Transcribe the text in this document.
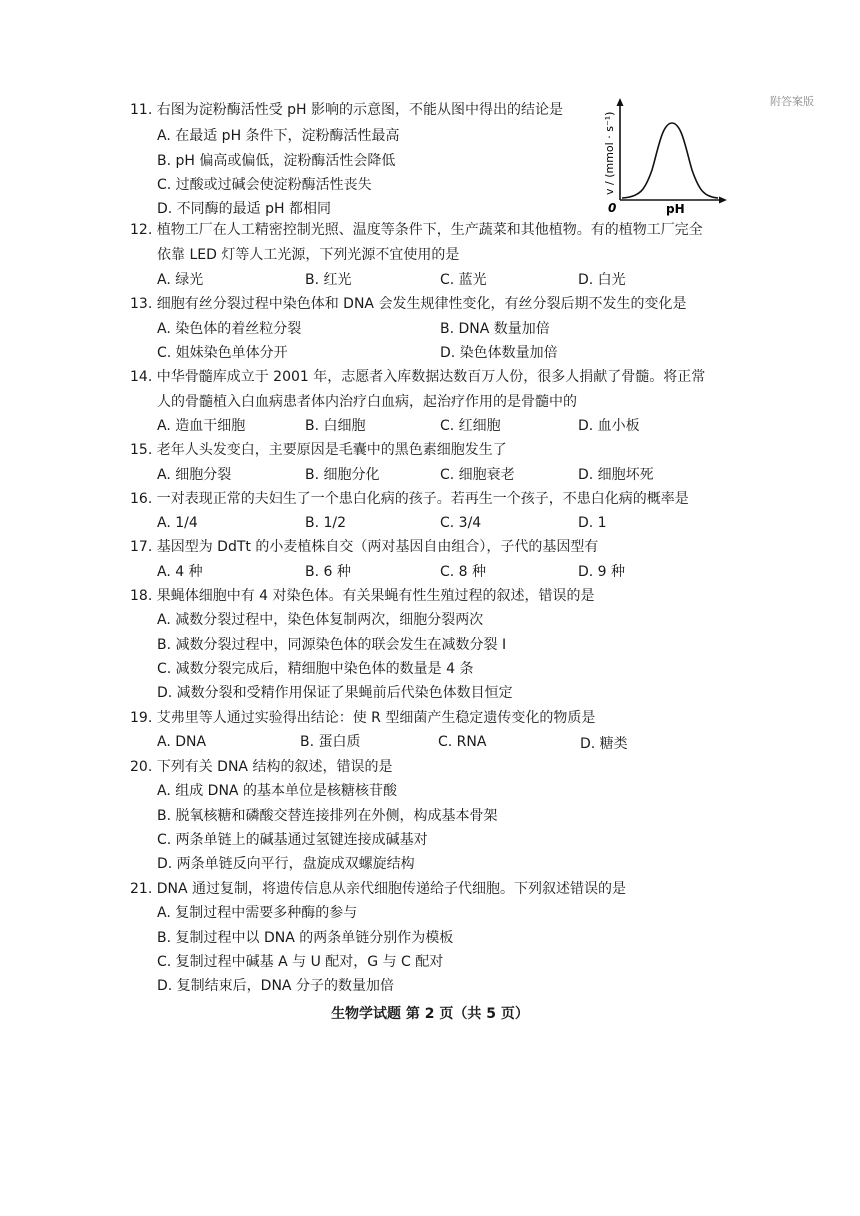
附答案版
11. 右图为淀粉酶活性受 pH 影响的示意图，不能从图中得出的结论是
A. 在最适 pH 条件下，淀粉酶活性最高
B. pH 偏高或偏低，淀粉酶活性会降低
C. 过酸或过碱会使淀粉酶活性丧失
D. 不同酶的最适 pH 都相同
v / (mmol · s⁻¹)
pH
0
12. 植物工厂在人工精密控制光照、温度等条件下，生产蔬菜和其他植物。有的植物工厂完全
依靠 LED 灯等人工光源，下列光源不宜使用的是
A. 绿光	B. 红光	C. 蓝光	D. 白光
13. 细胞有丝分裂过程中染色体和 DNA 会发生规律性变化，有丝分裂后期不发生的变化是
A. 染色体的着丝粒分裂	B. DNA 数量加倍
C. 姐妹染色单体分开	D. 染色体数量加倍
14. 中华骨髓库成立于 2001 年，志愿者入库数据达数百万人份，很多人捐献了骨髓。将正常
人的骨髓植入白血病患者体内治疗白血病，起治疗作用的是骨髓中的
A. 造血干细胞	B. 白细胞	C. 红细胞	D. 血小板
15. 老年人头发变白，主要原因是毛囊中的黑色素细胞发生了
A. 细胞分裂	B. 细胞分化	C. 细胞衰老	D. 细胞坏死
16. 一对表现正常的夫妇生了一个患白化病的孩子。若再生一个孩子，不患白化病的概率是
A. 1/4	B. 1/2	C. 3/4	D. 1
17. 基因型为 DdTt 的小麦植株自交（两对基因自由组合），子代的基因型有
A. 4 种	B. 6 种	C. 8 种	D. 9 种
18. 果蝇体细胞中有 4 对染色体。有关果蝇有性生殖过程的叙述，错误的是
A. 减数分裂过程中，染色体复制两次，细胞分裂两次
B. 减数分裂过程中，同源染色体的联会发生在减数分裂 I
C. 减数分裂完成后，精细胞中染色体的数量是 4 条
D. 减数分裂和受精作用保证了果蝇前后代染色体数目恒定
19. 艾弗里等人通过实验得出结论：使 R 型细菌产生稳定遗传变化的物质是
A. DNA	B. 蛋白质	C. RNA	D. 糖类
20. 下列有关 DNA 结构的叙述，错误的是
A. 组成 DNA 的基本单位是核糖核苷酸
B. 脱氧核糖和磷酸交替连接排列在外侧，构成基本骨架
C. 两条单链上的碱基通过氢键连接成碱基对
D. 两条单链反向平行，盘旋成双螺旋结构
21. DNA 通过复制，将遗传信息从亲代细胞传递给子代细胞。下列叙述错误的是
A. 复制过程中需要多种酶的参与
B. 复制过程中以 DNA 的两条单链分别作为模板
C. 复制过程中碱基 A 与 U 配对，G 与 C 配对
D. 复制结束后，DNA 分子的数量加倍
生物学试题 第 2 页（共 5 页）
